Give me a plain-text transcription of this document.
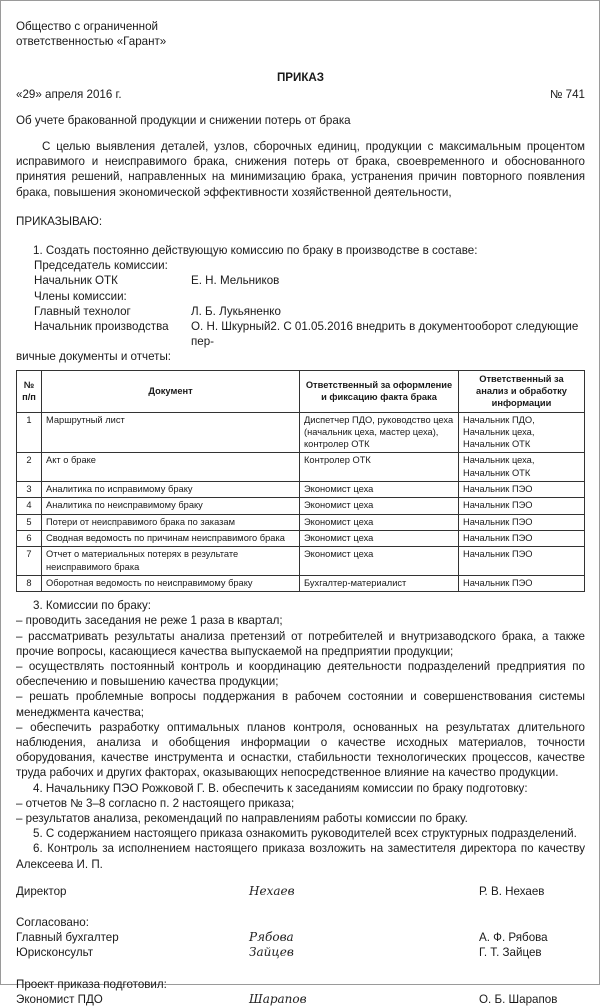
Общество с ограниченной
ответственностью «Гарант»
ПРИКАЗ
«29» апреля 2016 г.	№ 741
Об учете бракованной продукции и снижении потерь от брака
С целью выявления деталей, узлов, сборочных единиц, продукции с максимальным процентом исправимого и неисправимого брака, снижения потерь от брака, своевременного и обоснованного принятия решений, направленных на минимизацию брака, устранения причин повторного появления брака, повышения экономической эффективности хозяйственной деятельности,
ПРИКАЗЫВАЮ:
1. Создать постоянно действующую комиссию по браку в производстве в составе:
Председатель комиссии:
Начальник ОТК	Е. Н. Мельников
Члены комиссии:
Главный технолог	Л. Б. Лукьяненко
Начальник производства	О. Н. Шкурный2. С 01.05.2016 внедрить в документооборот следующие пер-
вичные документы и отчеты:
№ п/п	Документ	Ответственный за оформление и фиксацию факта брака	Ответственный за анализ и обработку информации
1	Маршрутный лист	Диспетчер ПДО, руководство цеха (начальник цеха, мастер цеха), контролер ОТК	Начальник ПДО, Начальник цеха, Начальник ОТК
2	Акт о браке	Контролер ОТК	Начальник цеха, Начальник ОТК
3	Аналитика по исправимому браку	Экономист цеха	Начальник ПЭО
4	Аналитика по неисправимому браку	Экономист цеха	Начальник ПЭО
5	Потери от неисправимого брака по заказам	Экономист цеха	Начальник ПЭО
6	Сводная ведомость по причинам неисправимого брака	Экономист цеха	Начальник ПЭО
7	Отчет о материальных потерях в результате неисправимого брака	Экономист цеха	Начальник ПЭО
8	Оборотная ведомость по неисправимому браку	Бухгалтер-материалист	Начальник ПЭО
3. Комиссии по браку:
– проводить заседания не реже 1 раза в квартал;
– рассматривать результаты анализа претензий от потребителей и внутризаводского брака, а также прочие вопросы, касающиеся качества выпускаемой на предприятии продукции;
– осуществлять постоянный контроль и координацию деятельности подразделений предприятия по обеспечению и повышению качества продукции;
– решать проблемные вопросы поддержания в рабочем состоянии и совершенствования системы менеджмента качества;
– обеспечить разработку оптимальных планов контроля, основанных на результатах длительного наблюдения, анализа и обобщения информации о качестве исходных материалов, точности оборудования, качестве инструмента и оснастки, стабильности технологических процессов, качестве труда рабочих и других факторах, оказывающих непосредственное влияние на качество продукции.
4. Начальнику ПЭО Рожковой Г. В. обеспечить к заседаниям комиссии по браку подготовку:
– отчетов № 3–8 согласно п. 2 настоящего приказа;
– результатов анализа, рекомендаций по направлениям работы комиссии по браку.
5. С содержанием настоящего приказа ознакомить руководителей всех структурных подразделений.
6. Контроль за исполнением настоящего приказа возложить на заместителя директора по качеству Алексеева И. П.
Директор	Нехаев	Р. В. Нехаев
Согласовано:
Главный бухгалтер	Рябова	А. Ф. Рябова
Юрисконсульт	Зайцев	Г. Т. Зайцев
Проект приказа подготовил:
Экономист ПДО	Шарапов	О. Б. Шарапов
